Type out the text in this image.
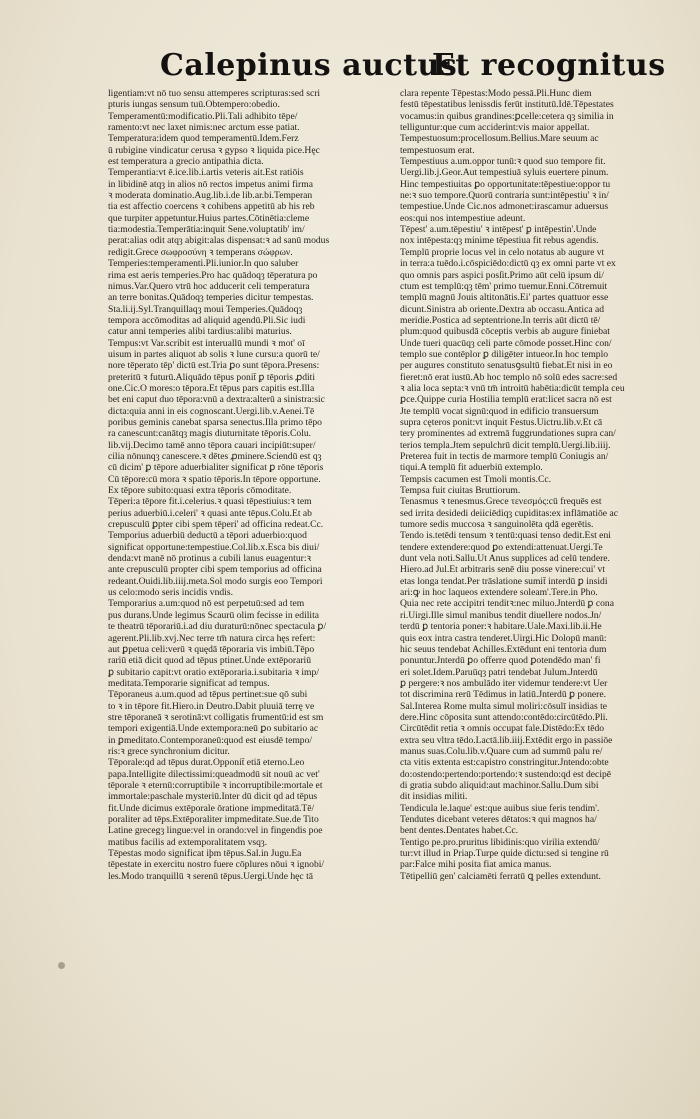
Calepinus auctus
Et recognitus
ligentiam:vt nō tuo sensu attemperes scripturas:sed scri
pturis iungas sensum tuū.Obtempero:obedio.
Temperamentū:modificatio.Pli.Tali adhibito tēpe/
ramento:vt nec laxet nimis:nec arctum esse patiat.
Temperatura:idem quod temperamentū.Idem.Ferz
ū rubigine vindicatur cerusa ꝛ gypso ꝛ liquida pice.Hęc
est temperatura a grecio antipathia dicta.
Temperantia:vt ē.ice.lib.i.artis veteris ait.Est ratiōis
in libidinē atqȝ in alios nō rectos impetus animi firma
ꝛ moderata dominatio.Aug.lib.i.de lib.ar.bi.Temperan
tia est affectio coercens ꝛ cohibens appetitū ab his reb
que turpiter appetuntur.Huius partes.Cōtinētia:cleme
tia:modestia.Temperātia:inquit Sene.voluptatib' im/
perat:alias odit atqȝ abigit:alas dispensat:ꝛ ad sanū modus
redigit.Grece σωφροσύνη ꝛ temperans σώφρων.
Temperies:temperamenti.Pli.iunior.In quo saluber
rima est aeris temperies.Pro hac quādoqȝ tēperatura po
nimus.Var.Quero vtrū hoc adducerit celi temperatura
an terre bonitas.Quādoqȝ temperies dicitur tempestas.
Sta.li.ij.Syl.Tranquillaqȝ moui Temperies.Quādoqȝ
tempora accōmoditas ad aliquid agendū.Pli.Sic iudi
catur anni temperies alibi tardius:alibi maturius.
Tempus:vt Var.scribit est interuallū mundi ꝛ mot' oī
uisum in partes aliquot ab solis ꝛ lune cursu:a quorū te/
nore tēperato tēp' dictū est.Tria ꝑo sunt tēpora.Presens:
preteritū ꝛ futurū.Aliquādo tēpus ponit̄ ꝑ tēporis ꝓditi
one.Cic.O mores:o tēpora.Et tēpus pars capitis est.Illa
bet eni caput duo tēpora:vnū a dextra:alterū a sinistra:sic
dicta:quia anni in eis cognoscant.Uergi.lib.v.Aenei.Tē
poribus geminis canebat sparsa senectus.Illa primo tēpo
ra canescunt:canātqȝ magis diuturnitate tēporis.Colu.
lib.vij.Decimo tamē anno tēpora cauari incipiūt:super/
cilia nōnunqȝ canescere.ꝛ dētes ꝓminere.Sciendū est qȝ
cū dicim' ꝑ tēpore aduerbialiter significat ꝑ rōne tēporis
Cū tēpore:cū mora ꝛ spatio tēporis.In tēpore opportune.
Ex tēpore subito:quasi extra tēporis cōmoditate.
Tēperi:a tēpore fit.i.celerius.ꝛ quasi tēpestiuius:ꝛ tem
perius aduerbiū.i.celeri' ꝛ quasi ante tēpus.Colu.Et ab
crepusculū ꝑpter cibi spem tēperi' ad officina redeat.Cc.
Temporius aduerbiū deductū a tēpori aduerbio:quod
significat opportune:tempestiue.Col.lib.x.Esca bis diui/
denda:vt manē nō protinus a cubili lanus euagentur:ꝛ
ante crepusculū propter cibi spem temporius ad officina
redeant.Ouidi.lib.iiij.meta.Sol modo surgis eoo Tempori
us celo:modo seris incidis vndis.
Temporarius a.um:quod nō est perpetuū:sed ad tem
pus durans.Unde legimus Scaurū olim fecisse in edilita
te theatrū tēporariū.i.ad diu duraturū:nōnec spectacula ꝑ/
agerent.Pli.lib.xvj.Nec terre tm̄ natura circa hęs refert:
aut ꝑpetua celi:verū ꝛ quędā tēporaria vis imbiū.Tēpo
rariū etiā dicit quod ad tēpus ptinet.Unde extēporariū
ꝑ subitario capit:vt oratio extēporaria.i.subitaria ꝛ imp/
meditata.Temporarie significat ad tempus.
Tēporaneus a.um.quod ad tēpus pertinet:sue qō subi
to ꝛ in tēpore fit.Hiero.in Deutro.Dabit pluuiā terrę ve
stre tēporaneā ꝛ serotinā:vt colligatis frumentū:id est sm
tempori exigentiā.Unde extempora:neū ꝑo subitario ac
in ꝑmeditato.Contemporaneū:quod est eiusdē tempo/
ris:ꝛ grece synchronium dicitur.
Tēporale:qd ad tēpus durat.Opponit̄ etiā eterno.Leo
papa.Intelligite dilectissimi:queadmodū sit nouū ac vet'
tēporale ꝛ eternū:corruptibile ꝛ incorruptibile:mortale et
immortale:paschale mysteriū.Inter dū dicit qd ad tēpus
fit.Unde dicimus extēporale ōratione impmeditatā.Tē/
poraliter ad tēps.Extēporaliter impmeditate.Sue.de Tito
Latine grecegȝ lingue:vel in orando:vel in fingendis poe
matibus facilis ad extemporalitatem vsqȝ.
Tēpestas modo significat iþm tēpus.Sal.in Jugu.Ea
tēpestate in exercitu nostro fuere cōplures nōui ꝛ ignobi/
les.Modo tranquillū ꝛ serenū tēpus.Uergi.Unde hęc tā
clara repente Tēpestas:Modo pessā.Pli.Hunc diem
festū tēpestatibus lenissdis ferūt institutū.Idē.Tēpestates
vocamus:in quibus grandines:ꝑcelle:cetera qȝ similia in
telliguntur:que cum acciderint:vis maior appellat.
Tempestuosum:procellosum.Bellius.Mare seuum ac
tempestuosum erat.
Tempestiuus a.um.oppor tunū:ꝛ quod suo tempore fit.
Uergi.lib.j.Geor.Aut tempestiuā syluis euertere pinum.
Hinc tempestiuitas ꝑo opportunitate:tēpestiue:oppor tu
ne:ꝛ suo tempore.Quorū contraria sunt:intēpestiu' ꝛ in/
tempestiue.Unde Cic.nos admonet:irascamur aduersus
eos:qui nos intempestiue adeunt.
Tēpest' a.um.tēpestiu' ꝛ intēpest' ꝑ intēpestin'.Unde
nox intēpesta:qȝ minime tēpestiua fit rebus agendis.
Templū proprie locus vel in celo notatus ab augure vt
in terra:a tuēdo.i.cōspiciēdo:dictū qȝ ex omni parte vt ex
quo omnis pars aspici posſit.Primo aūt celū ipsum di/
ctum est templū:qȝ tēm' primo tuemur.Enni.Cōtremuit
templū magnū Jouis altitonātis.Ei' partes quattuor esse
dicunt.Sinistra ab oriente.Dextra ab occasu.Antica ad
meridie.Postica ad septentrione.In terris aūt dictū tē/
plum:quod quibusdā cōceptis verbis ab augure finiebat
Unde tueri quacūqȝ celi parte cōmode posset.Hinc con/
templo sue contēplor ꝑ diligēter intueor.In hoc templo
per augures constituto senatusꝯsultū fiebat.Et nisi in eo
fieret:nō erat iustū.Ab hoc templo nō solū edes sacre:sed
ꝛ alia loca septa:ꝛ vnū tm̄ introitū habētia:dicūt templa ceu
ꝑce.Quippe curia Hostilia templū erat:licet sacra nō est
Jte templū vocat signū:quod in edificio transuersum
supra cęteros ponit:vt inquit Festus.Uictru.lib.v.Et cā
tery prominentes ad extremā fuggrundationes supra can/
terios templa.Jtem sepulchrū dicit templū.Uergi.lib.iiij.
Preterea fuit in tectis de marmore templū Coniugis an/
tiqui.A templū fit aduerbiū extemplo.
Tempsis cacumen est Tmoli montis.Cc.
Tempsa fuit ciuitas Bruttiorum.
Tenasmus ꝛ tenesmus.Grece τενεσμός:cū frequēs est
sed irrita desidedi deiiciēdiqȝ cupiditas:ex inflāmatiōe ac
tumore sedis muccosa ꝛ sanguinolēta qdā egerētis.
Tendo is.tetēdi tensum ꝛ tentū:quasi tenso dedit.Est eni
tendere extendere:quod ꝑo extendi:attenuat.Uergi.Te
dunt vela noti.Sallu.Ut Anus supplices ad celū tendere.
Hiero.ad Jul.Et arbitraris senē diu posse vinere:cui' vt
etas longa tendat.Per trāslatione sumit̄ interdū ꝑ insidi
ari:ꝙ in hoc laqueos extendere soleam'.Tere.in Pho.
Quia nec rete accipitri tenditꝛ:nec miluo.Jnterdū ꝑ cona
ri.Uirgi.Ille simul manibus tendit diuellere nodos.Jn/
terdū ꝑ tentoria poner:ꝛ habitare.Uale.Maxi.lib.ii.He
quis eox intra castra tenderet.Uirgi.Hic Dolopū manū:
hic seuus tendebat Achilles.Extēdunt eni tentoria dum
ponuntur.Jnterdū ꝑo offerre quod ꝑotendēdo man' fi
eri solet.Idem.Paruūqȝ patri tendebat Julum.Jnterdū
ꝑ pergere:ꝛ nos ambulādo iter videmur tendere:vt Uer
tot discrimina rerū Tēdimus in latiū.Jnterdū ꝑ ponere.
Sal.Interea Rome multa simul moliri:cōsulī insidias te
dere.Hinc cōposita sunt attendo:contēdo:circūtēdo.Pli.
Circūtēdit retia ꝛ omnis occupat fale.Distēdo:Ex tēdo
extra seu vltra tēdo.Lactā.lib.iiij.Extēdit ergo in passiōe
manus suas.Colu.lib.v.Quare cum ad summū palu re/
cta vitis extenta est:capistro constringitur.Jntendo:obte
do:ostendo:pertendo:portendo:ꝛ sustendo:qd est decipē
di gratia subdo aliquid:aut machinor.Sallu.Dum sibi
dit insidias militi.
Tendicula le.laque' est:que auibus siue feris tendim'.
Tendutes dicebant veteres dētatos:ꝛ qui magnos ha/
bent dentes.Dentates habet.Cc.
Tentigo pe.pro.pruritus libidinis:quo virilia extendū/
tur:vt illud in Priap.Turpe quide dictu:sed si tengine rū
par:Falce mihi posita fiat amica manus.
Tētipelliū gen' calciamēti ferratū ꝗ pelles extendunt.
